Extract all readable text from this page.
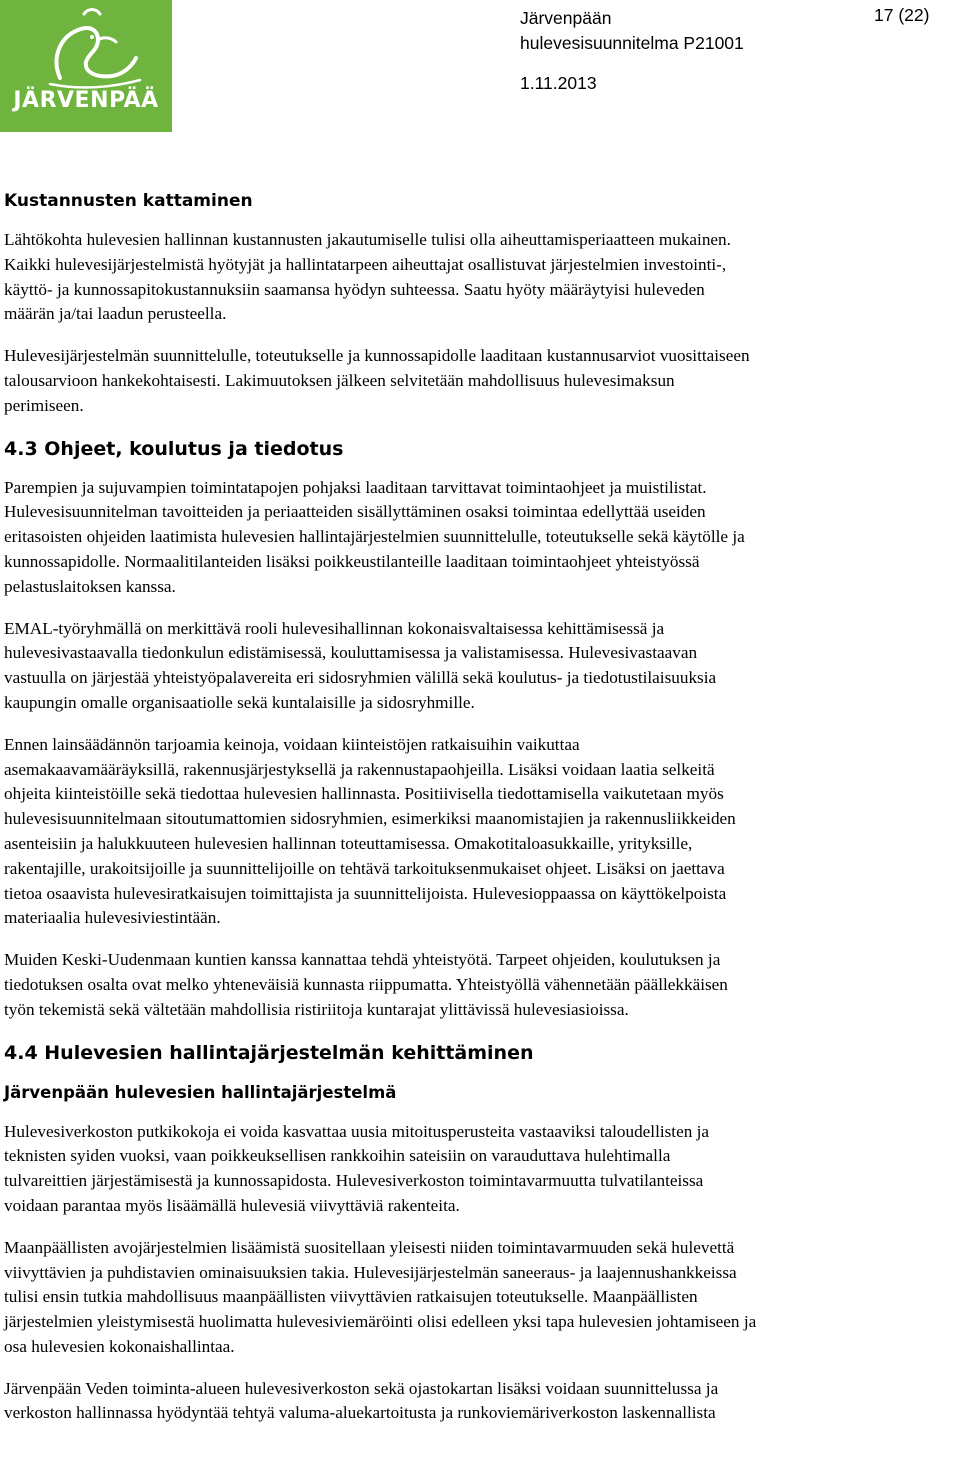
JÄRVENPÄÄ
Järvenpään
hulevesisuunnitelma P21001
1.11.2013
17 (22)
Kustannusten kattaminen

Lähtökohta hulevesien hallinnan kustannusten jakautumiselle tulisi olla aiheuttamisperiaatteen mukainen.
Kaikki hulevesijärjestelmistä hyötyjät ja hallintatarpeen aiheuttajat osallistuvat järjestelmien investointi-,
käyttö- ja kunnossapitokustannuksiin saamansa hyödyn suhteessa. Saatu hyöty määräytyisi huleveden
määrän ja/tai laadun perusteella.

Hulevesijärjestelmän suunnittelulle, toteutukselle ja kunnossapidolle laaditaan kustannusarviot vuosittaiseen
talousarvioon hankekohtaisesti. Lakimuutoksen jälkeen selvitetään mahdollisuus hulevesimaksun
perimiseen.

4.3 Ohjeet, koulutus ja tiedotus

Parempien ja sujuvampien toimintatapojen pohjaksi laaditaan tarvittavat toimintaohjeet ja muistilistat.

Hulevesisuunnitelman tavoitteiden ja periaatteiden sisällyttäminen osaksi toimintaa edellyttää useiden
eritasoisten ohjeiden laatimista hulevesien hallintajärjestelmien suunnittelulle, toteutukselle sekä käytölle ja
kunnossapidolle. Normaalitilanteiden lisäksi poikkeustilanteille laaditaan toimintaohjeet yhteistyössä
pelastuslaitoksen kanssa.

EMAL-työryhmällä on merkittävä rooli hulevesihallinnan kokonaisvaltaisessa kehittämisessä ja
hulevesivastaavalla tiedonkulun edistämisessä, kouluttamisessa ja valistamisessa. Hulevesivastaavan
vastuulla on järjestää yhteistyöpalavereita eri sidosryhmien välillä sekä koulutus- ja tiedotustilaisuuksia
kaupungin omalle organisaatiolle sekä kuntalaisille ja sidosryhmille.

Ennen lainsäädännön tarjoamia keinoja, voidaan kiinteistöjen ratkaisuihin vaikuttaa
asemakaavamääräyksillä, rakennusjärjestyksellä ja rakennustapaohjeilla. Lisäksi voidaan laatia selkeitä
ohjeita kiinteistöille sekä tiedottaa hulevesien hallinnasta. Positiivisella tiedottamisella vaikutetaan myös
hulevesisuunnitelmaan sitoutumattomien sidosryhmien, esimerkiksi maanomistajien ja rakennusliikkeiden
asenteisiin ja halukkuuteen hulevesien hallinnan toteuttamisessa. Omakotitaloasukkaille, yrityksille,
rakentajille, urakoitsijoille ja suunnittelijoille on tehtävä tarkoituksenmukaiset ohjeet. Lisäksi on jaettava
tietoa osaavista hulevesiratkaisujen toimittajista ja suunnittelijoista. Hulevesioppaassa on käyttökelpoista
materiaalia hulevesiviestintään.

Muiden Keski-Uudenmaan kuntien kanssa kannattaa tehdä yhteistyötä. Tarpeet ohjeiden, koulutuksen ja
tiedotuksen osalta ovat melko yhteneväisiä kunnasta riippumatta. Yhteistyöllä vähennetään päällekkäisen
työn tekemistä sekä vältetään mahdollisia ristiriitoja kuntarajat ylittävissä hulevesiasioissa.

4.4 Hulevesien hallintajärjestelmän kehittäminen
Järvenpään hulevesien hallintajärjestelmä

Hulevesiverkoston putkikokoja ei voida kasvattaa uusia mitoitusperusteita vastaaviksi taloudellisten ja
teknisten syiden vuoksi, vaan poikkeuksellisen rankkoihin sateisiin on varauduttava hulehtimalla
tulvareittien järjestämisestä ja kunnossapidosta. Hulevesiverkoston toimintavarmuutta tulvatilanteissa
voidaan parantaa myös lisäämällä hulevesiä viivyttäviä rakenteita.

Maanpäällisten avojärjestelmien lisäämistä suositellaan yleisesti niiden toimintavarmuuden sekä hulevettä
viivyttävien ja puhdistavien ominaisuuksien takia. Hulevesijärjestelmän saneeraus- ja laajennushankkeissa
tulisi ensin tutkia mahdollisuus maanpäällisten viivyttävien ratkaisujen toteutukselle. Maanpäällisten
järjestelmien yleistymisestä huolimatta hulevesiviemäröinti olisi edelleen yksi tapa hulevesien johtamiseen ja
osa hulevesien kokonaishallintaa.

Järvenpään Veden toiminta-alueen hulevesiverkoston sekä ojastokartan lisäksi voidaan suunnittelussa ja
verkoston hallinnassa hyödyntää tehtyä valuma-aluekartoitusta ja runkoviemäriverkoston laskennallista
